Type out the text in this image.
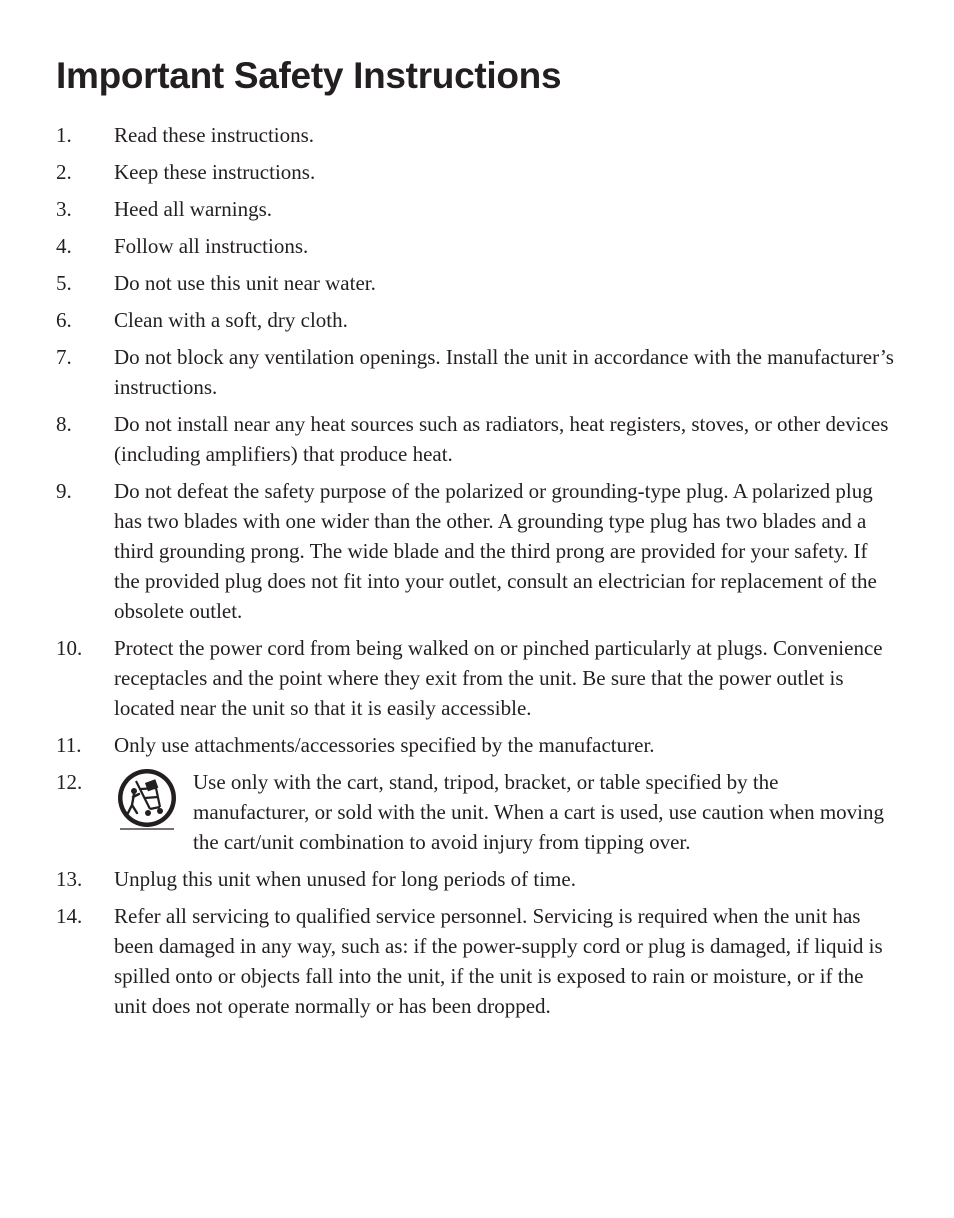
Important Safety Instructions
1.	Read these instructions.
2.	Keep these instructions.
3.	Heed all warnings.
4.	Follow all instructions.
5.	Do not use this unit near water.
6.	Clean with a soft, dry cloth.
7.	Do not block any ventilation openings. Install the unit in accordance with the manufacturer’s instructions.
8.	Do not install near any heat sources such as radiators, heat registers, stoves, or other devices (including amplifiers) that produce heat.
9.	Do not defeat the safety purpose of the polarized or grounding-type plug. A polarized plug has two blades with one wider than the other. A grounding type plug has two blades and a third grounding prong. The wide blade and the third prong are provided for your safety. If the provided plug does not fit into your outlet, consult an electrician for replacement of the obsolete outlet.
10.	Protect the power cord from being walked on or pinched particularly at plugs. Convenience receptacles and the point where they exit from the unit. Be sure that the power outlet is located near the unit so that it is easily accessible.
11.	Only use attachments/accessories specified by the manufacturer.
12.	Use only with the cart, stand, tripod, bracket, or table specified by the manufacturer, or sold with the unit. When a cart is used, use caution when moving the cart/unit combination to avoid injury from tipping over.
13.	Unplug this unit when unused for long periods of time.
14.	Refer all servicing to qualified service personnel. Servicing is required when the unit has been damaged in any way, such as: if the power-supply cord or plug is damaged, if liquid is spilled onto or objects fall into the unit, if the unit is exposed to rain or moisture, or if the unit does not operate normally or has been dropped.
